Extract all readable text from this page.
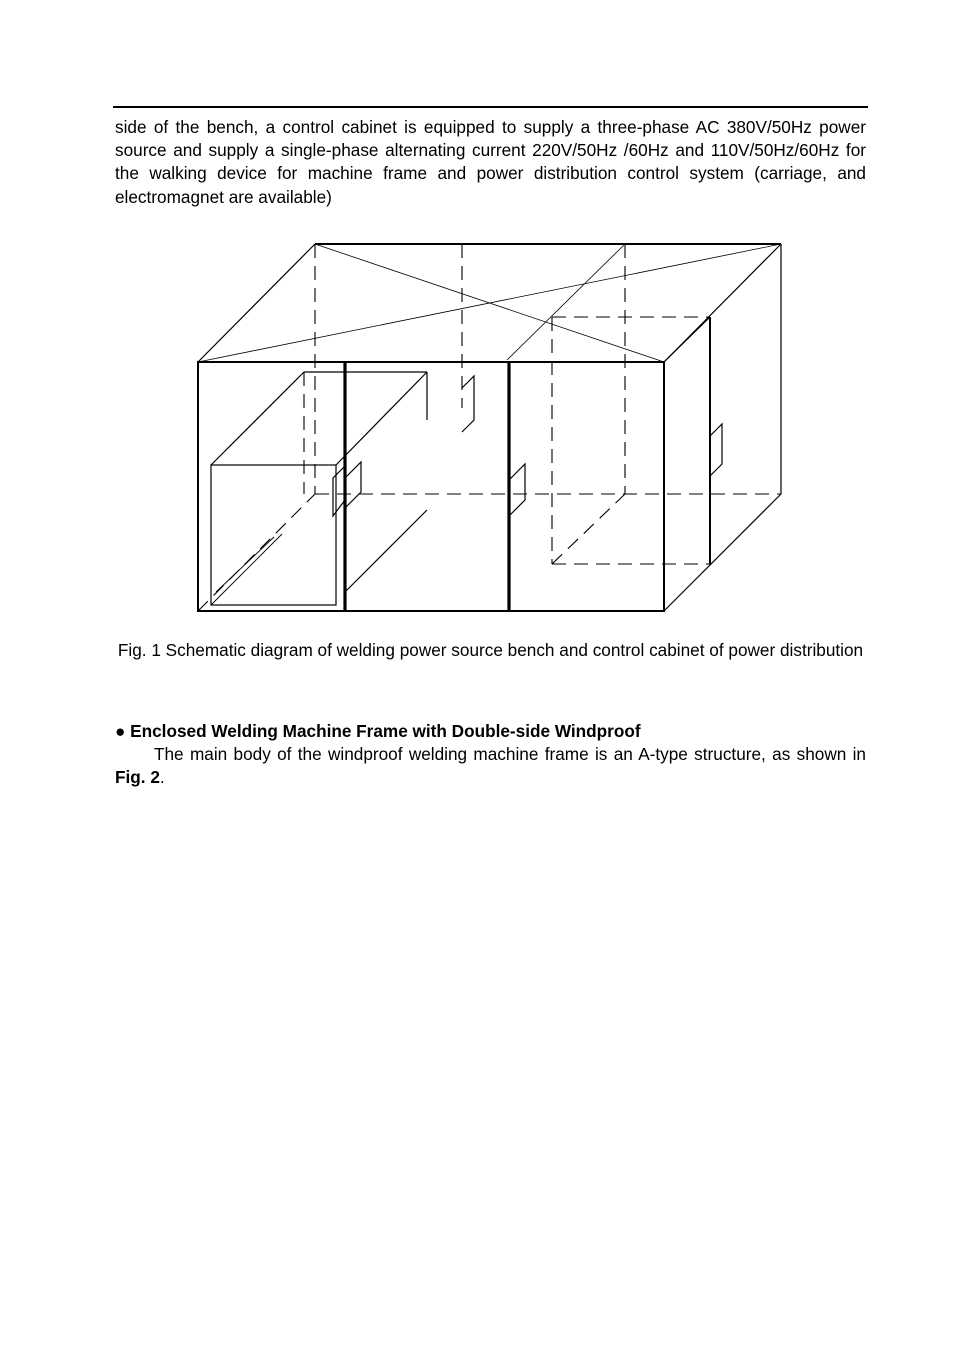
side of the bench, a control cabinet is equipped to supply a three-phase AC 380V/50Hz power source and supply a single-phase alternating current 220V/50Hz /60Hz and 110V/50Hz/60Hz for the walking device for machine frame and power distribution control system (carriage, and electromagnet are available)

Fig. 1 Schematic diagram of welding power source bench and control cabinet of power distribution
● Enclosed Welding Machine Frame with Double-side Windproof

The main body of the windproof welding machine frame is an A-type structure, as shown in Fig. 2.
